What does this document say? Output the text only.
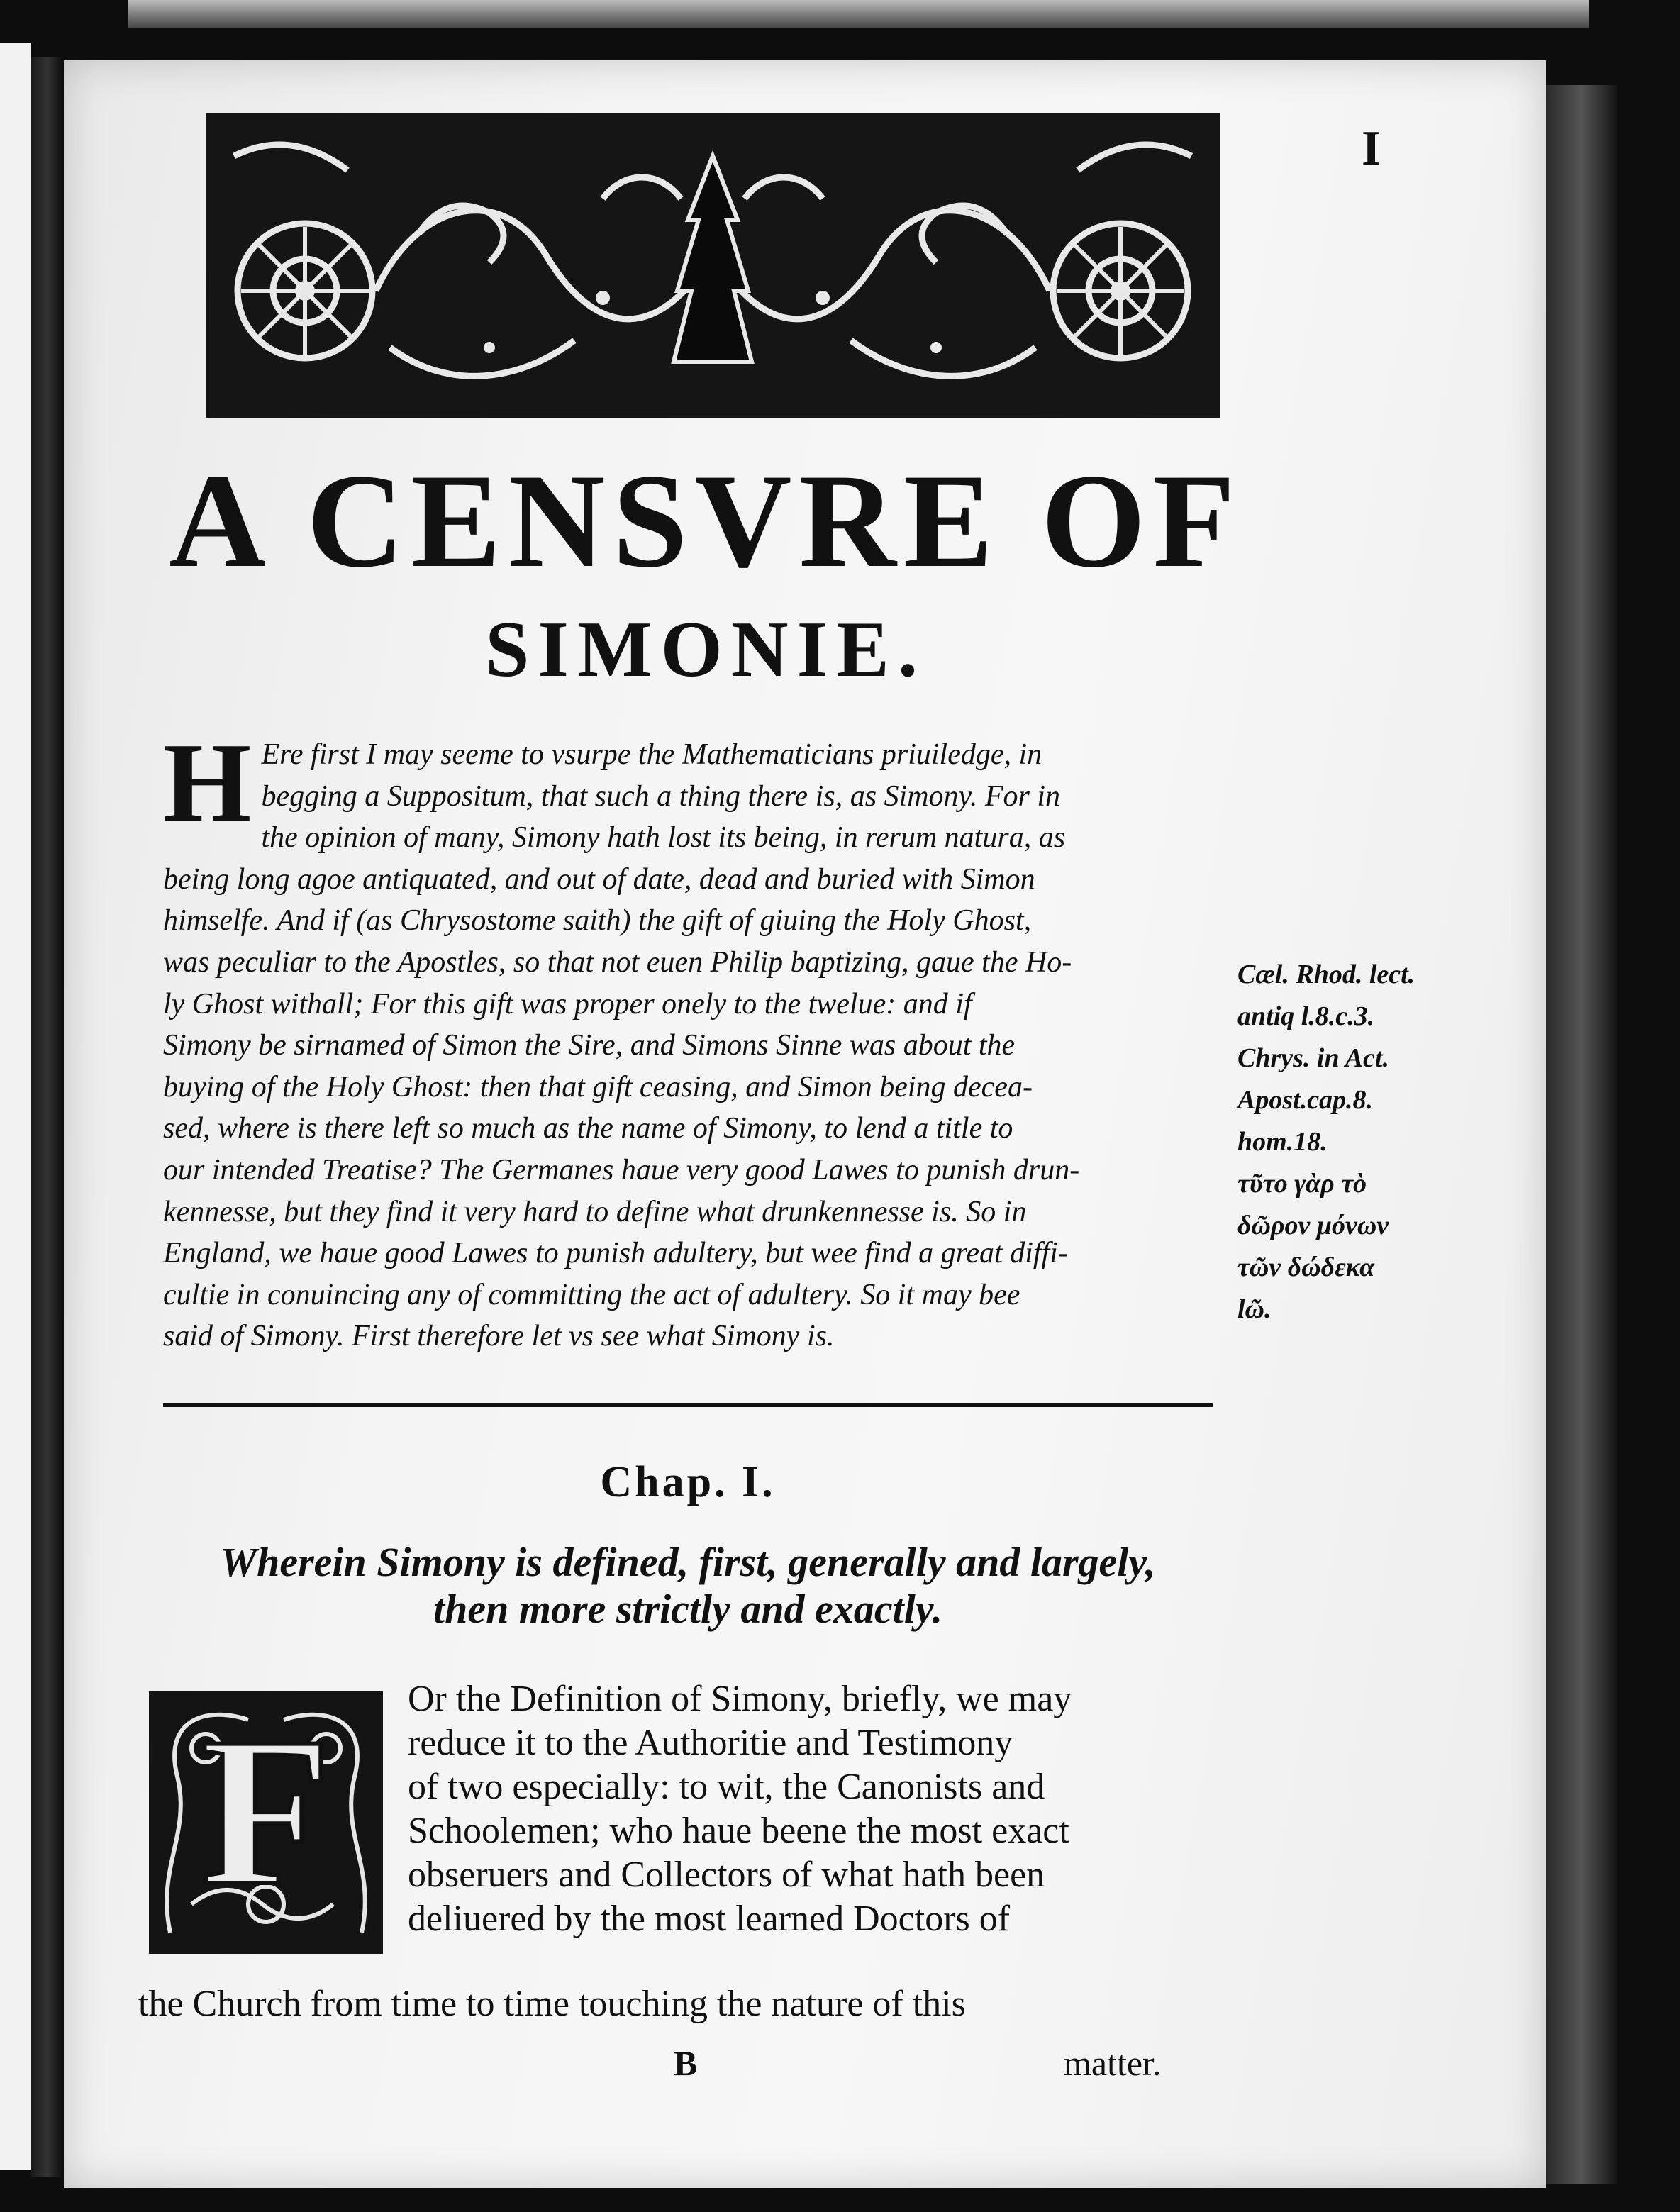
I
A CENSVRE OF
SIMONIE.
H Ere first I may seeme to vsurpe the Mathematicians priuiledge, in
begging a Suppositum, that such a thing there is, as Simony. For in
the opinion of many, Simony hath lost its being, in rerum natura, as
being long agoe antiquated, and out of date, dead and buried with Simon
himselfe. And if (as Chrysostome saith) the gift of giuing the Holy Ghost,
was peculiar to the Apostles, so that not euen Philip baptizing, gaue the Ho-
ly Ghost withall; For this gift was proper onely to the twelue: and if
Simony be sirnamed of Simon the Sire, and Simons Sinne was about the
buying of the Holy Ghost: then that gift ceasing, and Simon being decea-
sed, where is there left so much as the name of Simony, to lend a title to
our intended Treatise? The Germanes haue very good Lawes to punish drun-
kennesse, but they find it very hard to define what drunkennesse is. So in
England, we haue good Lawes to punish adultery, but wee find a great diffi-
cultie in conuincing any of committing the act of adultery. So it may bee
said of Simony. First therefore let vs see what Simony is.
Cæl. Rhod. lect.
antiq l.8.c.3.
Chrys. in Act.
Apost.cap.8.
hom.18.
τῦτο γὰρ τὸ
δῶρον μόνων
τῶν δώδεκα
lῶ.
Chap. I.
Wherein Simony is defined, first, generally and largely,
then more strictly and exactly.
F Or the Definition of Simony, briefly, we may
reduce it to the Authoritie and Testimony
of two especially: to wit, the Canonists and
Schoolemen; who haue beene the most exact
obseruers and Collectors of what hath been
deliuered by the most learned Doctors of
the Church from time to time touching the nature of this
B	matter.
